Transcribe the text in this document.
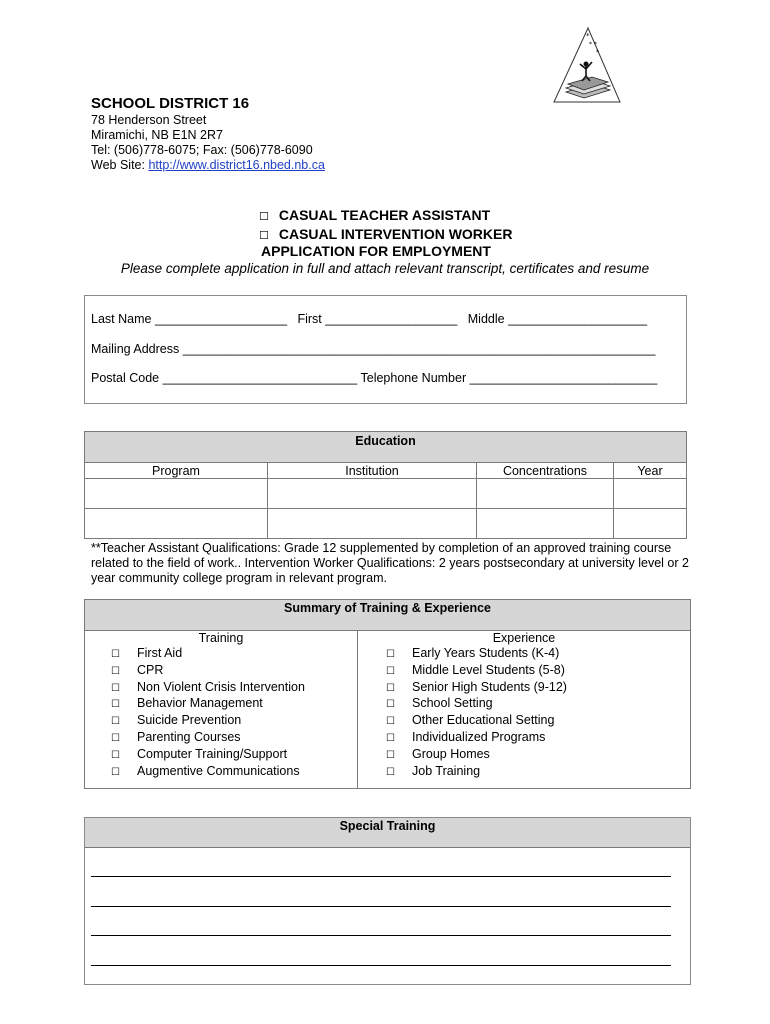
*
* *
*
SCHOOL DISTRICT 16
78 Henderson Street
Miramichi, NB E1N 2R7
Tel: (506)778-6075; Fax: (506)778-6090
Web Site: http://www.district16.nbed.nb.ca
☐ CASUAL TEACHER ASSISTANT
☐ CASUAL INTERVENTION WORKER
APPLICATION FOR EMPLOYMENT
Please complete application in full and attach relevant transcript, certificates and resume
Last Name ___________________ First ___________________ Middle ____________________
Mailing Address ____________________________________________________________________
Postal Code ____________________________ Telephone Number ___________________________
Education			
Program	Institution	Concentrations	Year

**Teacher Assistant Qualifications: Grade 12 supplemented by completion of an approved training course related to the field of work.. Intervention Worker Qualifications: 2 years postsecondary at university level or 2 year community college program in relevant program.
Summary of Training & Experience

Training
☐ First Aid
☐ CPR
☐ Non Violent Crisis Intervention
☐ Behavior Management
☐ Suicide Prevention
☐ Parenting Courses
☐ Computer Training/Support
☐ Augmentive Communications

Experience
☐ Early Years Students (K-4)
☐ Middle Level Students (5-8)
☐ Senior High Students (9-12)
☐ School Setting
☐ Other Educational Setting
☐ Individualized Programs
☐ Group Homes
☐ Job Training
Special Training
